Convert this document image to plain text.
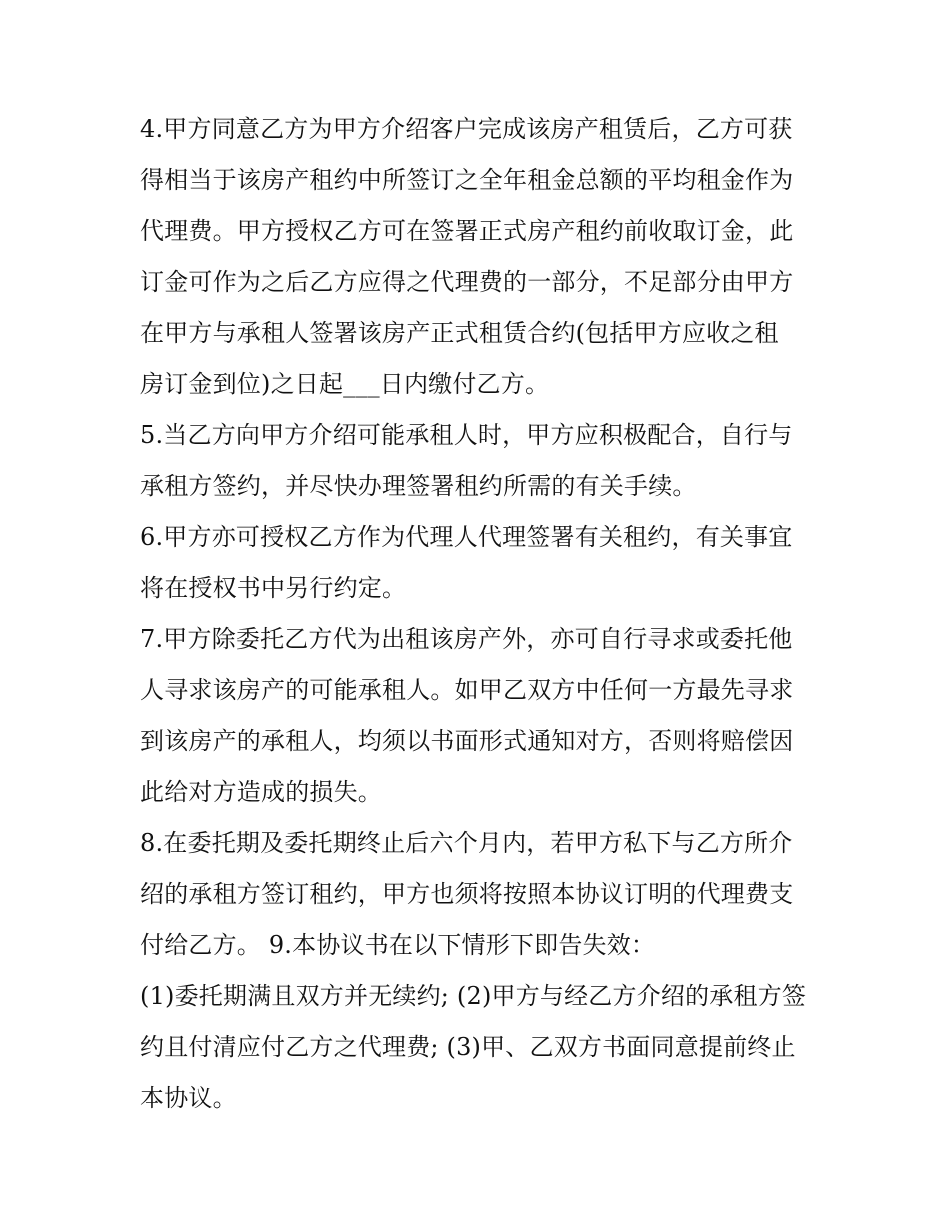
4.甲方同意乙方为甲方介绍客户完成该房产租赁后，乙方可获
得相当于该房产租约中所签订之全年租金总额的平均租金作为
代理费。甲方授权乙方可在签署正式房产租约前收取订金，此
订金可作为之后乙方应得之代理费的一部分，不足部分由甲方
在甲方与承租人签署该房产正式租赁合约(包括甲方应收之租
房订金到位)之日起___日内缴付乙方。

5.当乙方向甲方介绍可能承租人时，甲方应积极配合，自行与
承租方签约，并尽快办理签署租约所需的有关手续。

6.甲方亦可授权乙方作为代理人代理签署有关租约，有关事宜
将在授权书中另行约定。

7.甲方除委托乙方代为出租该房产外，亦可自行寻求或委托他
人寻求该房产的可能承租人。如甲乙双方中任何一方最先寻求
到该房产的承租人，均须以书面形式通知对方，否则将赔偿因
此给对方造成的损失。

8.在委托期及委托期终止后六个月内，若甲方私下与乙方所介
绍的承租方签订租约，甲方也须将按照本协议订明的代理费支
付给乙方。 9.本协议书在以下情形下即告失效：

(1)委托期满且双方并无续约; (2)甲方与经乙方介绍的承租方签
约且付清应付乙方之代理费; (3)甲、乙双方书面同意提前终止
本协议。
